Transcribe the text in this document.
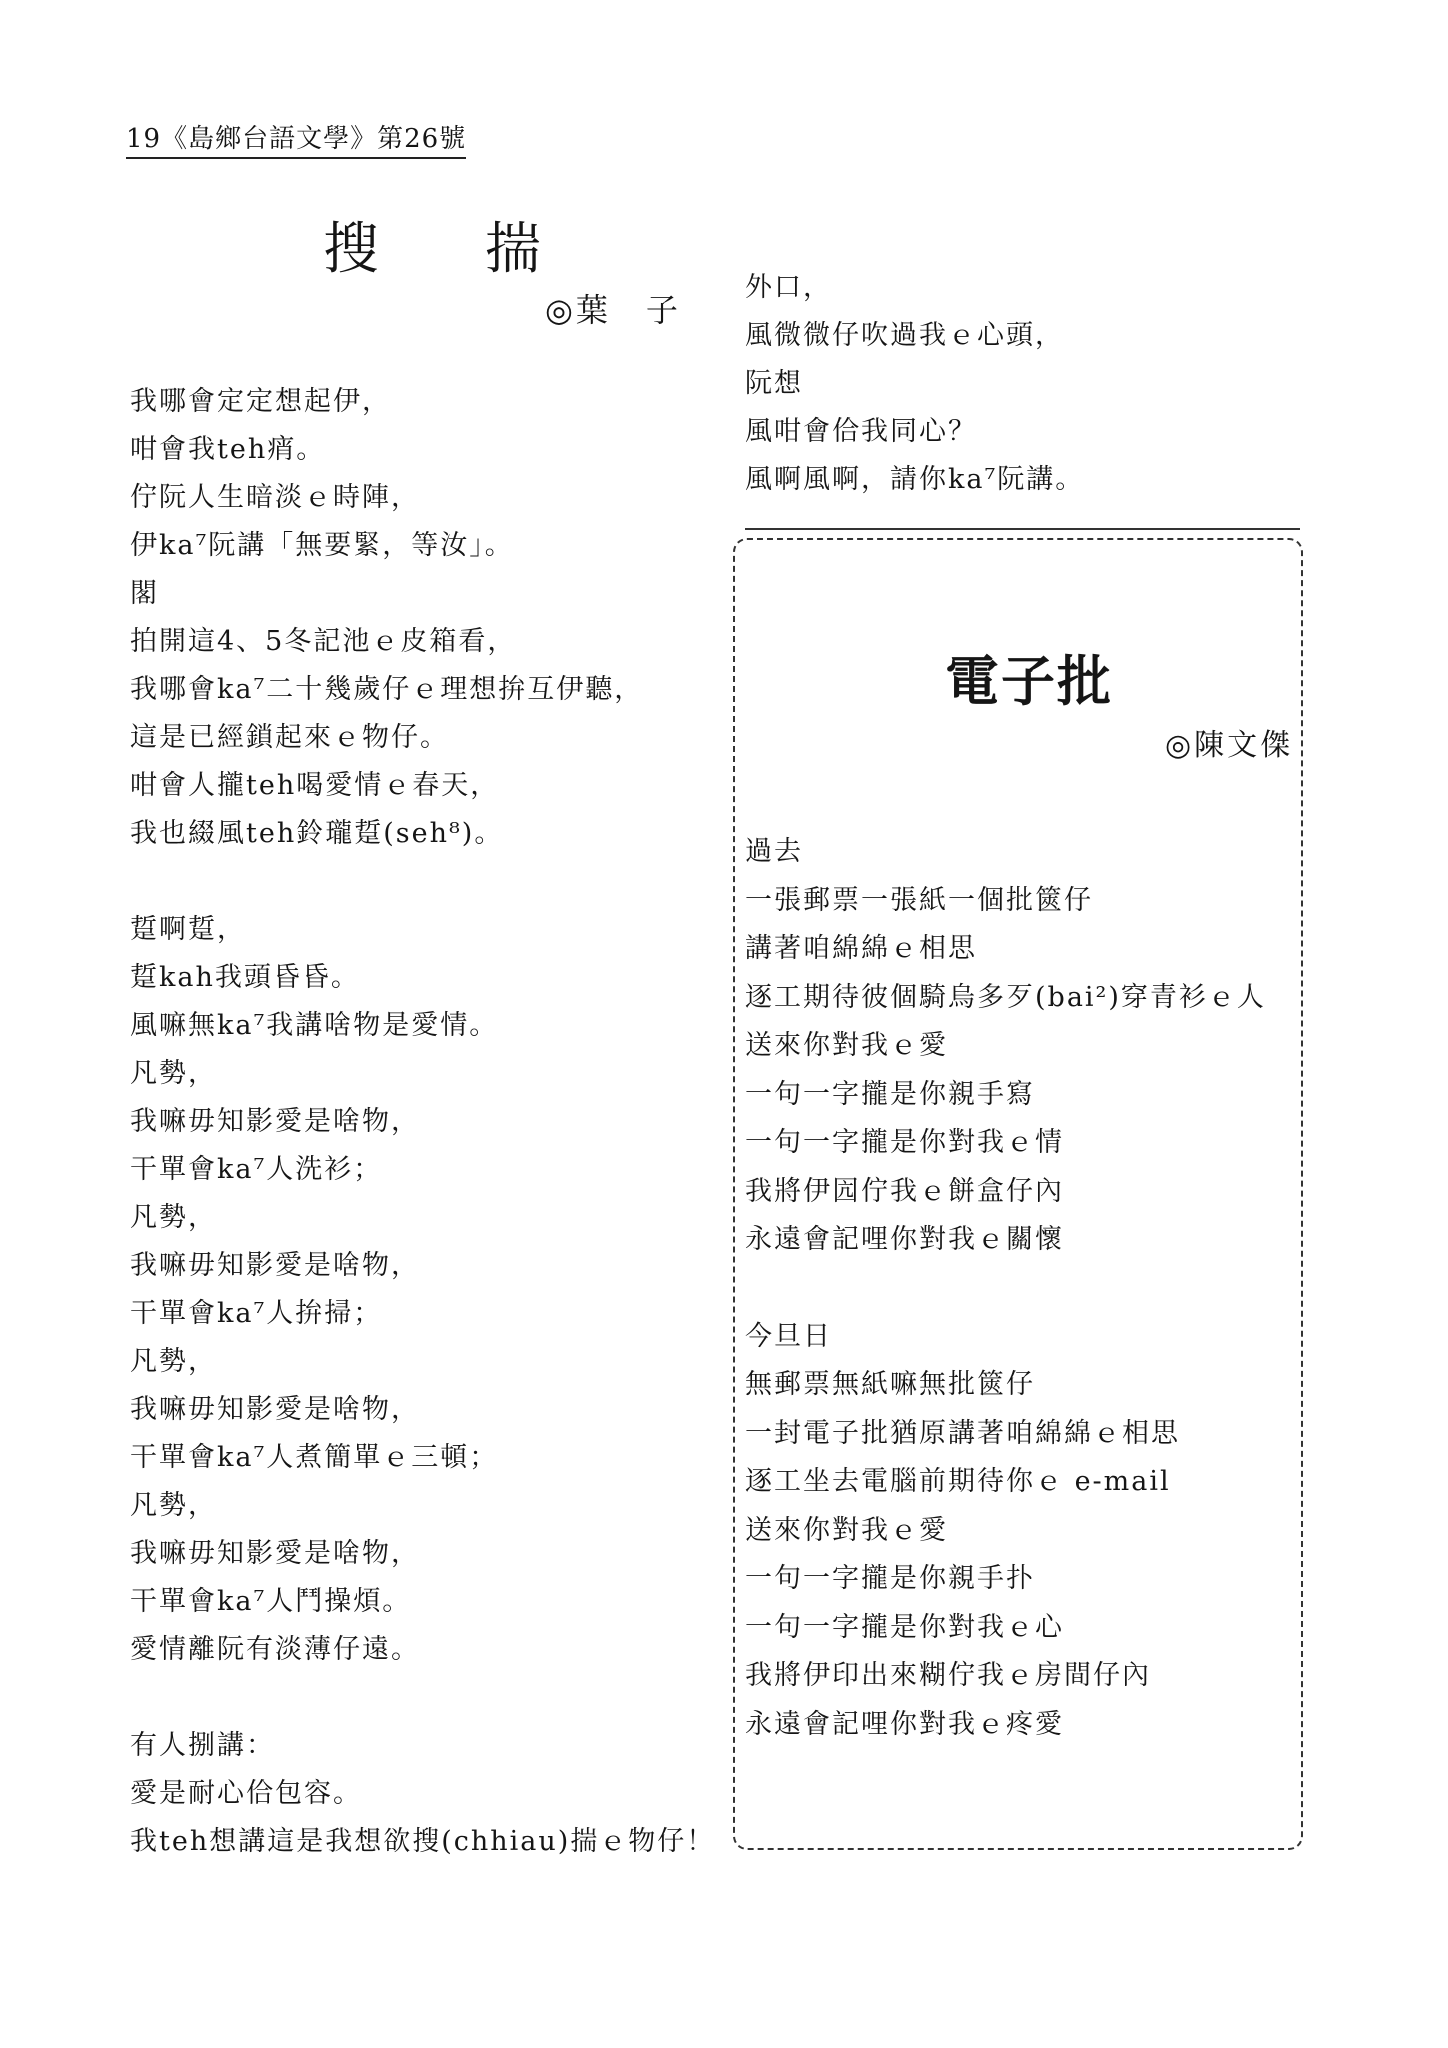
19《島鄉台語文學》第26號
搜 揣
◎葉　子
我哪會定定想起伊，
咁會我teh痟。
佇阮人生暗淡ｅ時陣，
伊ka⁷阮講「無要緊，等汝」。
閣
拍開這4、5冬記池ｅ皮箱看，
我哪會ka⁷二十幾歲仔ｅ理想拚互伊聽，
這是已經鎖起來ｅ物仔。
咁會人攏teh喝愛情ｅ春天，
我也綴風teh鈴瓏踅(seh⁸)。
踅啊踅，
踅kah我頭昏昏。
風嘛無ka⁷我講啥物是愛情。
凡勢，
我嘛毋知影愛是啥物，
干單會ka⁷人洗衫；
凡勢，
我嘛毋知影愛是啥物，
干單會ka⁷人拚掃；
凡勢，
我嘛毋知影愛是啥物，
干單會ka⁷人煮簡單ｅ三頓；
凡勢，
我嘛毋知影愛是啥物，
干單會ka⁷人鬥操煩。
愛情離阮有淡薄仔遠。
有人捌講：
愛是耐心佮包容。
我teh想講這是我想欲搜(chhiau)揣ｅ物仔！
外口，
風微微仔吹過我ｅ心頭，
阮想
風咁會佮我同心？
風啊風啊，請你ka⁷阮講。
電子批
◎陳文傑
過去
一張郵票一張紙一個批篋仔
講著咱綿綿ｅ相思
逐工期待彼個騎烏多歹(bai²)穿青衫ｅ人
送來你對我ｅ愛
一句一字攏是你親手寫
一句一字攏是你對我ｅ情
我將伊囥佇我ｅ餅盒仔內
永遠會記哩你對我ｅ關懷
今旦日
無郵票無紙嘛無批篋仔
一封電子批猶原講著咱綿綿ｅ相思
逐工坐去電腦前期待你ｅ e-mail
送來你對我ｅ愛
一句一字攏是你親手扑
一句一字攏是你對我ｅ心
我將伊印出來糊佇我ｅ房間仔內
永遠會記哩你對我ｅ疼愛
